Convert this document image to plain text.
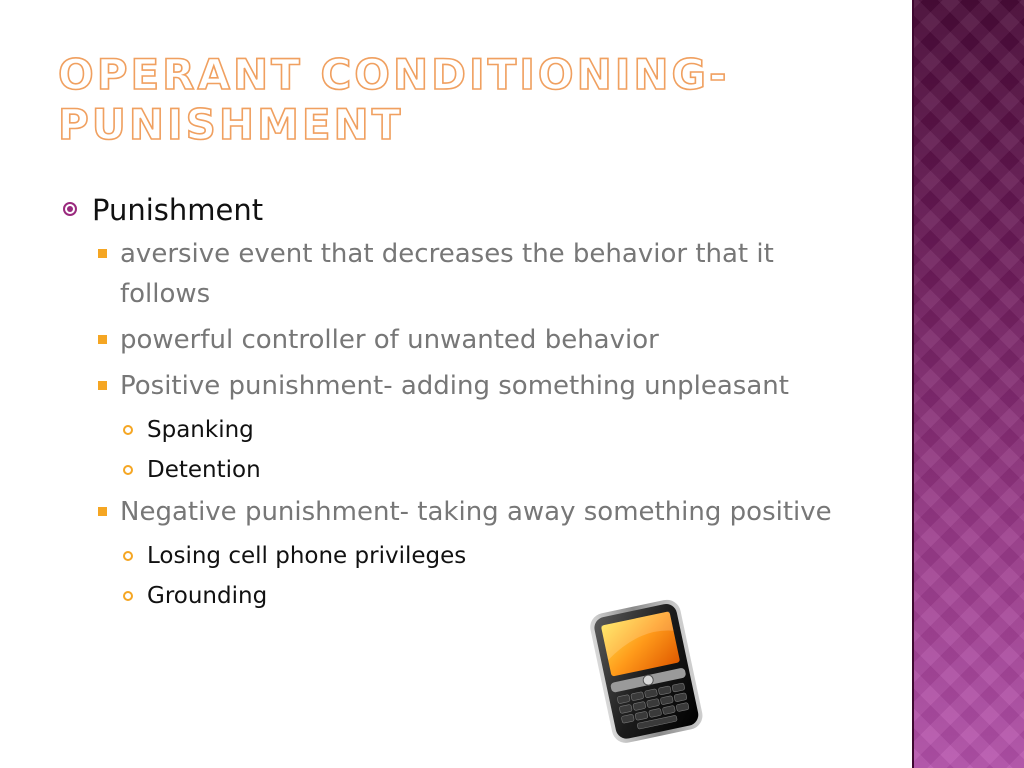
OPERANT CONDITIONING- PUNISHMENT
Punishment
aversive event that decreases the behavior that it follows
powerful controller of unwanted behavior
Positive punishment- adding something unpleasant
Spanking
Detention
Negative punishment- taking away something positive
Losing cell phone privileges
Grounding
